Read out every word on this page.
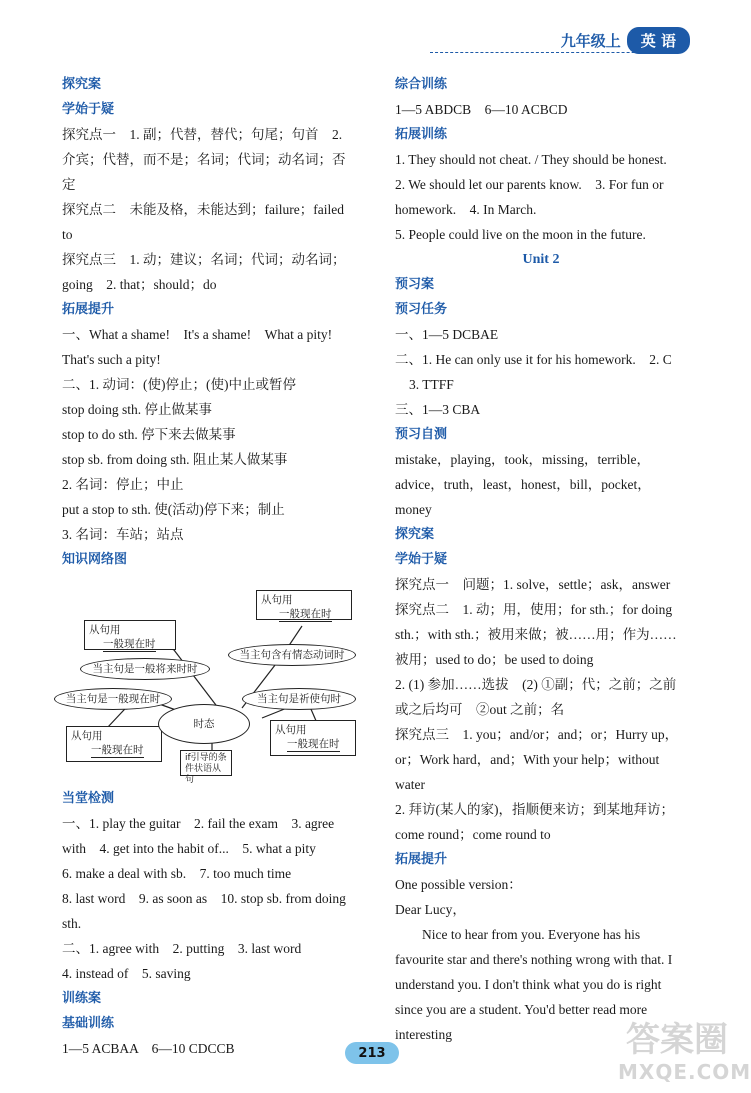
九年级上	英 语
探究案
学始于疑
探究点一　1. 副；代替，替代；句尾；句首　2. 介宾；代替，而不是；名词；代词；动名词；否定
探究点二　未能及格，未能达到；failure；failed to
探究点三　1. 动；建议；名词；代词；动名词；going　2. that；should；do
拓展提升
一、What a shame!　It's a shame!　What a pity!　That's such a pity!
二、1. 动词：(使)停止；(使)中止或暂停
stop doing sth. 停止做某事
stop to do sth. 停下来去做某事
stop sb. from doing sth. 阻止某人做某事
2. 名词：停止；中止
put a stop to sth. 使(活动)停下来；制止
3. 名词：车站；站点
知识网络图
从句用
一般现在时
从句用
一般现在时
从句用
一般现在时
从句用
一般现在时
当主句是一般将来时时
当主句含有情态动词时
当主句是一般现在时	当主句是祈使句时
时态
if引导的条件状语从句
当堂检测
一、1. play the guitar　2. fail the exam　3. agree with　4. get into the habit of...　5. what a pity
6. make a deal with sb.　7. too much time
8. last word　9. as soon as　10. stop sb. from doing sth.
二、1. agree with　2. putting　3. last word
4. instead of　5. saving
训练案
基础训练
1—5 ACBAA　6—10 CDCCB
综合训练
1—5 ABDCB　6—10 ACBCD
拓展训练
1. They should not cheat. / They should be honest.　2. We should let our parents know.　3. For fun or homework.　4. In March.
5. People could live on the moon in the future.
Unit 2
预习案
预习任务
一、1—5 DCBAE
二、1. He can only use it for his homework.　2. C
3. TTFF
三、1—3 CBA
预习自测
mistake，playing，took，missing，terrible，advice，truth，least，honest，bill，pocket，money
探究案
学始于疑
探究点一　问题；1. solve，settle；ask，answer
探究点二　1. 动；用，使用；for sth.；for doing sth.；with sth.；被用来做；被……用；作为……被用；used to do；be used to doing
2. (1) 参加……选拔　(2) ①副；代；之前；之前或之后均可　②out 之前；名
探究点三　1. you；and/or；and；or；Hurry up，or；Work hard，and；With your help；without water
2. 拜访(某人的家)，指顺便来访；到某地拜访；come round；come round to
拓展提升
One possible version：
Dear Lucy，
Nice to hear from you. Everyone has his favourite star and there's nothing wrong with that. I understand you. I don't think what you do is right since you are a student. You'd better read more interesting
213	答案圈
MXQE.COM
